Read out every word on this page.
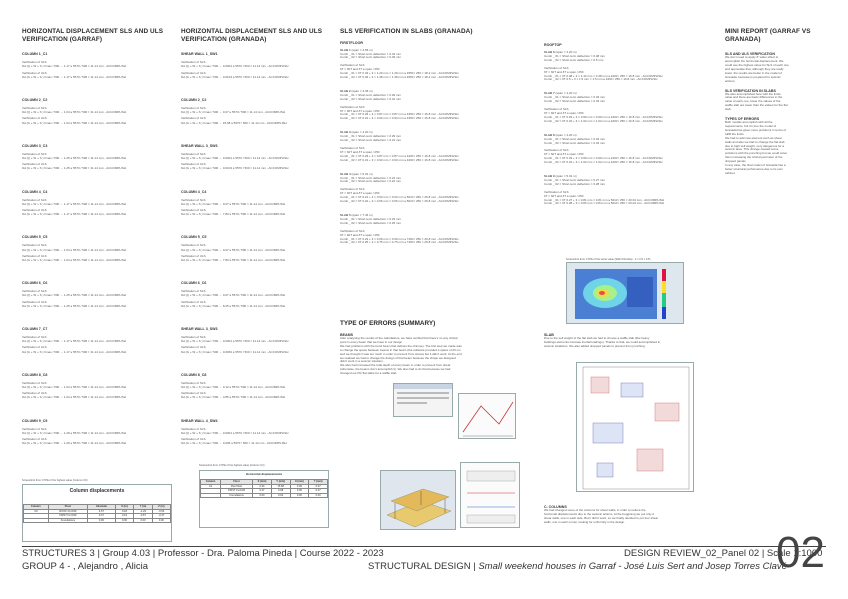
HORIZONTAL DISPLACEMENT SLS AND ULS VERIFICATION (GARRAF)
COLUMN 1_C1
Verification of SLS
δH (Q + W + S ) hmax / 500 → 1.17 ≤ 5570 / 500 = 11.14 mm - ACCOMPLISH
Verification of ULS
δH (G + W + S ) hmax / 500 → 1.17 ≤ 5570 / 500 = 11.14 mm - ACCOMPLISH
COLUMN 2_C2
Verification of SLS
δH (Q + W + S ) hmax / 500 → 1.04 ≤ 5570 / 500 = 11.14 mm - ACCOMPLISH
Verification of ULS
δH (G + W + S ) hmax / 500 → 1.04 ≤ 5570 / 500 = 11.14 mm - ACCOMPLISH
COLUMN 3_C3
Verification of SLS
δH (Q + W + S ) hmax / 500 → 1.25 ≤ 5570 / 500 = 11.14 mm - ACCOMPLISH
Verification of ULS
δH (G + W + S ) hmax / 500 → 1.25 ≤ 5570 / 500 = 11.14 mm - ACCOMPLISH
COLUMN 4_C4
Verification of SLS
δH (Q + W + S ) hmax / 500 → 1.17 ≤ 5570 / 500 = 11.14 mm - ACCOMPLISH
Verification of ULS
δH (G + W + S ) hmax / 500 → 1.17 ≤ 5570 / 500 = 11.14 mm - ACCOMPLISH
COLUMN 5_C5
Verification of SLS
δH (Q + W + S ) hmax / 500 → 1.04 ≤ 5570 / 500 = 11.14 mm - ACCOMPLISH
Verification of ULS
δH (G + W + S ) hmax / 500 → 1.04 ≤ 5570 / 500 = 11.14 mm - ACCOMPLISH
COLUMN 6_C6
Verification of SLS
δH (Q + W + S ) hmax / 500 → 1.25 ≤ 5570 / 500 = 11.14 mm - ACCOMPLISH
Verification of ULS
δH (G + W + S ) hmax / 500 → 1.25 ≤ 5570 / 500 = 11.14 mm - ACCOMPLISH
COLUMN 7_C7
Verification of SLS
δH (Q + W + S ) hmax / 500 → 1.17 ≤ 5570 / 500 = 11.14 mm - ACCOMPLISH
Verification of ULS
δH (G + W + S ) hmax / 500 → 1.17 ≤ 5570 / 500 = 11.14 mm - ACCOMPLISH
COLUMN 8_C8
Verification of SLS
δH (Q + W + S ) hmax / 500 → 1.04 ≤ 5570 / 500 = 11.14 mm - ACCOMPLISH
Verification of ULS
δH (G + W + S ) hmax / 500 → 1.04 ≤ 5570 / 500 = 11.14 mm - ACCOMPLISH
COLUMN 9_C9
Verification of SLS
δH (Q + W + S ) hmax / 500 → 1.29 ≤ 5570 / 500 = 11.14 mm - ACCOMPLISH
Verification of ULS
δH (G + W + S ) hmax / 500 → 1.29 ≤ 5570 / 500 = 11.14 mm - ACCOMPLISH
HORIZONTAL DISPLACEMENT SLS AND ULS VERIFICATION (GRANADA)
SHEAR WALL 1_SW1
Verification of SLS
δH (Q + W + S ) hmax / 500 → 0.0001 ≤ 5570 / 500 = 11.14 mm - ACCOMPLISH
Verification of ULS
δH (G + W + S ) hmax / 500 → 0.0103 ≤ 5570 / 500 = 11.14 mm - ACCOMPLISH
COLUMN 2_C2
Verification of SLS
δH (Q + W + S ) hmax / 500 → 0.07 ≤ 5570 / 500 = 11.14 mm - ACCOMPLISH
Verification of ULS
δH (G + W + S ) hmax / 500 → 15.68 ≤ 5570 / 500 = 11.14 mm - ACCOMPLISH
SHEAR WALL 3_SW3
Verification of SLS
δH (Q + W + S ) hmax / 500 → 0.0001 ≤ 5570 / 500 = 11.14 mm - ACCOMPLISH
Verification of ULS
δH (G + W + S ) hmax / 500 → 0.0103 ≤ 5570 / 500 = 11.14 mm - ACCOMPLISH
COLUMN 4_C4
Verification of SLS
δH (Q + W + S ) hmax / 500 → 0.07 ≤ 5570 / 500 = 11.14 mm - ACCOMPLISH
Verification of ULS
δH (G + W + S ) hmax / 500 → 7.80 ≤ 5570 / 500 = 11.14 mm - ACCOMPLISH
COLUMN 5_C5
Verification of SLS
δH (Q + W + S ) hmax / 500 → 0.07 ≤ 5570 / 500 = 11.14 mm - ACCOMPLISH
Verification of ULS
δH (G + W + S ) hmax / 500 → 7.80 ≤ 5570 / 500 = 11.14 mm - ACCOMPLISH
COLUMN 6_C6
Verification of SLS
δH (Q + W + S ) hmax / 500 → 0.07 ≤ 5570 / 500 = 11.14 mm - ACCOMPLISH
Verification of ULS
δH (G + W + S ) hmax / 500 → 8.25 ≤ 5570 / 500 = 11.14 mm - ACCOMPLISH
SHEAR WALL 3_SW3
Verification of SLS
δH (Q + W + S ) hmax / 500 → 0.0001 ≤ 5570 / 500 = 11.14 mm - ACCOMPLISH
Verification of ULS
δH (G + W + S ) hmax / 500 → 0.0063 ≤ 5570 / 500 = 11.14 mm - ACCOMPLISH
COLUMN 8_C8
Verification of SLS
δH (Q + W + S ) hmax / 500 → 0.12 ≤ 5570 / 500 = 11.14 mm - ACCOMPLISH
Verification of ULS
δH (G + W + S ) hmax / 500 → 3.85 ≤ 5570 / 500 = 11.14 mm - ACCOMPLISH
SHEAR WALL 4_SW4
Verification of SLS
δH (Q + W + S ) hmax / 500 → 0.0001 ≤ 5570 / 500 = 11.14 mm - ACCOMPLISH
Verification of ULS
δH (G + W + S ) hmax / 500 → 0.006 ≤ 5570 / 500 = 11.14 mm - ACCOMPLISH
Screenshot from CYPE of the highest value (Column C9)
Column displacements
Column	Floor	Absolute	X (m)	Y (m)	Z (m)
C9	ROOF FLOOR	4.67	0.18	-1.29	-0.54
	FIRST FLOOR	0.47	0.19	-0.67	-0.37
	Foundations	0.00	0.00	0.00	0.00
Screenshot from CYPE of the highest value (Column C2)
Horizontal displacements
Column	Floor	X (mm)	Y (mm)	X (mm)	Y (mm)
C2	Roof floor	0.34	15.68	0.06	0.07
	FIRST FLOOR	0.47	0.98	0.06	0.07
	Foundations	0.00	0.00	0.00	0.00
SLS VERIFICATION IN SLABS (GRANADA)
FIRSTFLOOR
SLAB 1 (span = 4.55 m)
Comb _ 01 = Short-term deflection = 0.43 mm
Comb _ 02 = Short-term deflection = 0.46 mm
Verification of SLS
δT = δ0T and δT ≤ span / 250
Comb _ 01 = δT 0.43 + 3 × 1.29 mm = 1.29 mm ≤ 4550 / 250 = 18.2 mm - ACCOMPLISH
Comb _ 02 = δT 0.46 + 3 × 1.38 mm = 1.38 mm ≤ 4550 / 250 = 18.2 mm - ACCOMPLISH
SLAB 2 (span = 4.35 m)
Comb _ 01 = Short-term deflection = 0.29 mm
Comb _ 02 = Short-term deflection = 0.31 mm
Verification of SLS
δT = δ0T and δT ≤ span / 250
Comb _ 01 = δT 0.29 + 3 × 0.87 mm = 0.87 mm ≤ 4350 / 250 = 16.8 mm - ACCOMPLISH
Comb _ 02 = δT 0.31 + 3 × 0.93 mm = 0.93 mm ≤ 4350 / 250 = 16.8 mm - ACCOMPLISH
SLAB 3 (span = 4.20 m)
Comb _ 01 = Short-term deflection = 0.29 mm
Comb _ 02 = Short-term deflection = 0.31 mm
Verification of SLS
δT = δ0T and δT ≤ span / 250
Comb _ 01 = δT 0.29 + 3 × 0.87 mm = 0.87 mm ≤ 4200 / 250 = 16.8 mm - ACCOMPLISH
Comb _ 02 = δT 0.31 + 3 × 0.93 mm = 0.93 mm ≤ 4200 / 250 = 16.8 mm - ACCOMPLISH
SLAB 4 (span = 5.01 m)
Comb _ 01 = Short-term deflection = 0.21 mm
Comb _ 02 = Short-term deflection = 0.22 mm
Verification of SLS
δT = δ0T and δT ≤ span / 250
Comb _ 01 = δT 0.21 + 3 × 0.63 mm = 0.63 mm ≤ 5010 / 250 = 29.8 mm - ACCOMPLISH
Comb _ 02 = δT 0.22 + 3 × 0.66 mm = 0.66 mm ≤ 5010 / 250 = 29.8 mm - ACCOMPLISH
SLAB 5 (span = 7.46 m)
Comb _ 01 = Short-term deflection = 0.23 mm
Comb _ 02 = Short-term deflection = 0.25 mm
Verification of SLS
δT = δ0T and δT ≤ span / 250
Comb _ 01 = δT 0.23 + 3 × 0.69 mm = 0.69 mm ≤ 7460 / 250 = 29.8 mm - ACCOMPLISH
Comb _ 02 = δT 0.25 + 3 × 0.75 mm = 0.75 mm ≤ 7460 / 250 = 29.8 mm - ACCOMPLISH
ROOFTOP
SLAB 6 (span = 4.20 m)
Comb _ 01 = Short-term deflection = 0.48 mm
Comb _ 02 = Short-term deflection = 0.5 mm
Verification of SLS
δT = δ0T and δT ≤ span / 250
Comb _ 01 = δT 0.48 + 3 × 1.44 mm = 0.48 mm ≤ 4200 / 250 = 16.8 mm - ACCOMPLISH
Comb _ 02 = δT 0.5 + 3 × 1.5 mm = 1.5 mm ≤ 4200 / 250 = 16.8 mm - ACCOMPLISH
SLAB 7 (span = 4.20 m)
Comb _ 01 = Short-term deflection = 0.33 mm
Comb _ 02 = Short-term deflection = 0.34 mm
Verification of SLS
δT = δ0T and δT ≤ span / 250
Comb _ 01 = δT 0.33 + 3 × 0.99 mm = 0.99 mm ≤ 4200 / 250 = 16.8 mm - ACCOMPLISH
Comb _ 02 = δT 0.34 + 3 × 1.02 mm = 1.02 mm ≤ 4200 / 250 = 16.8 mm - ACCOMPLISH
SLAB 8 (span = 4.20 m)
Comb _ 01 = Short-term deflection = 0.33 mm
Comb _ 02 = Short-term deflection = 0.34 mm
Verification of SLS
δT = δ0T and δT ≤ span / 250
Comb _ 01 = δT 0.33 + 3 × 0.99 mm = 0.99 mm ≤ 4200 / 250 = 16.8 mm - ACCOMPLISH
Comb _ 02 = δT 0.34 + 3 × 1.02 mm = 1.02 mm ≤ 4200 / 250 = 16.8 mm - ACCOMPLISH
SLAB 9 (span = 5.01 m)
Comb _ 01 = Short-term deflection = 0.27 mm
Comb _ 02 = Short-term deflection = 0.28 mm
Verification of SLS
δT = δ0T and δT ≤ span / 250
Comb _ 01 = δT 0.27 + 3 × 0.81 mm = 0.81 mm ≤ 5010 / 250 = 20.04 mm - ACCOMPLISH
Comb _ 02 = δT 0.28 + 3 × 0.84 mm = 0.84 mm ≤ 5010 / 250 = 20.04 mm - ACCOMPLISH
Screenshot from CYPE of the worst value (Slab 6 Rooftop - 3 × 0.5 × 0.5)
TYPE OF ERRORS (SUMMARY)
BEAMS
After analysing the results of the calculations, we have verified that there's no any critical
point in every beam that we have in our design.
We had problems with the bend beam that defines the chimney. The first step we made was
to change the space between beams in that beam (the software provided a space of 20 cm
and we thought it was too much in order to prevent from stress) but it didn't work. At the end
we realised we had to change the design of that beam because the shape we designed
didn't work in a seismic situation.
We also had increased the total depth of every beam in order to prevent from shear
(otherwise, the beams don't accomplish it). We also had to do that because we had
changed our RC flat slabs for a waffle slab.
SLAB
Due to the self weight of the flat slab we had to choose a waffle slab (like heavy
buildings elements increase inertial loadings). Thanks to that, we could accomplished in
seismic situations. We also added dropped panels to prevent from punching.
C. COLUMNS
We had changed some of the columns for shear walls, in order to reduce the
horizontal displacements due to the seismic actions. At the beggining we put only 2
shear walls, one in each side. But it didn't work, so we finally decided to put four shear
walls, one in each corner, looking for uniformity in the design.
MINI REPORT (GARRAF VS GRANADA)
SLS AND ULS VERIFICATION
We don't need to apply Z' wider effect to
accomplish the horizontal displacement. We
could see the highest value for SLS of each one
and appreciate that, although they are really
lower, the results are better in the model of
Granada, because is prepared for seismic
actions.
SLS VERIFICATION IN SLABS
We also accomplished here with the limits
value and there are basic differences in the
value of each one, lower the values of the
waffle slab are lower than the values for the flat
slab.
TYPES OF ERRORS
Both models accomplish with all the
requirements, but it's true the model of
Granada has given more problems in terms of
fulfill the limits.
We had to add new element such as shear
walls and also we had to change the flat slab
due to high self weight, very dangerous for a
seismic area. This change caused some
problems with the punching but we could solve
them increasing the critical perimeter of the
dropped panels.
In any case, the final model of Granada has a
better structural performance due to its own
cabinet.
STRUCTURES 3 | Group 4.03 | Professor - Dra. Paloma Pineda | Course 2022 - 2023	DESIGN REVIEW_02_Panel 02 | Scale 1:1000
GROUP 4 - , Alejandro , Alicia	STRUCTURAL DESIGN | Small weekend houses in Garraf - José Luis Sert and Josep Torres Clavé
02
